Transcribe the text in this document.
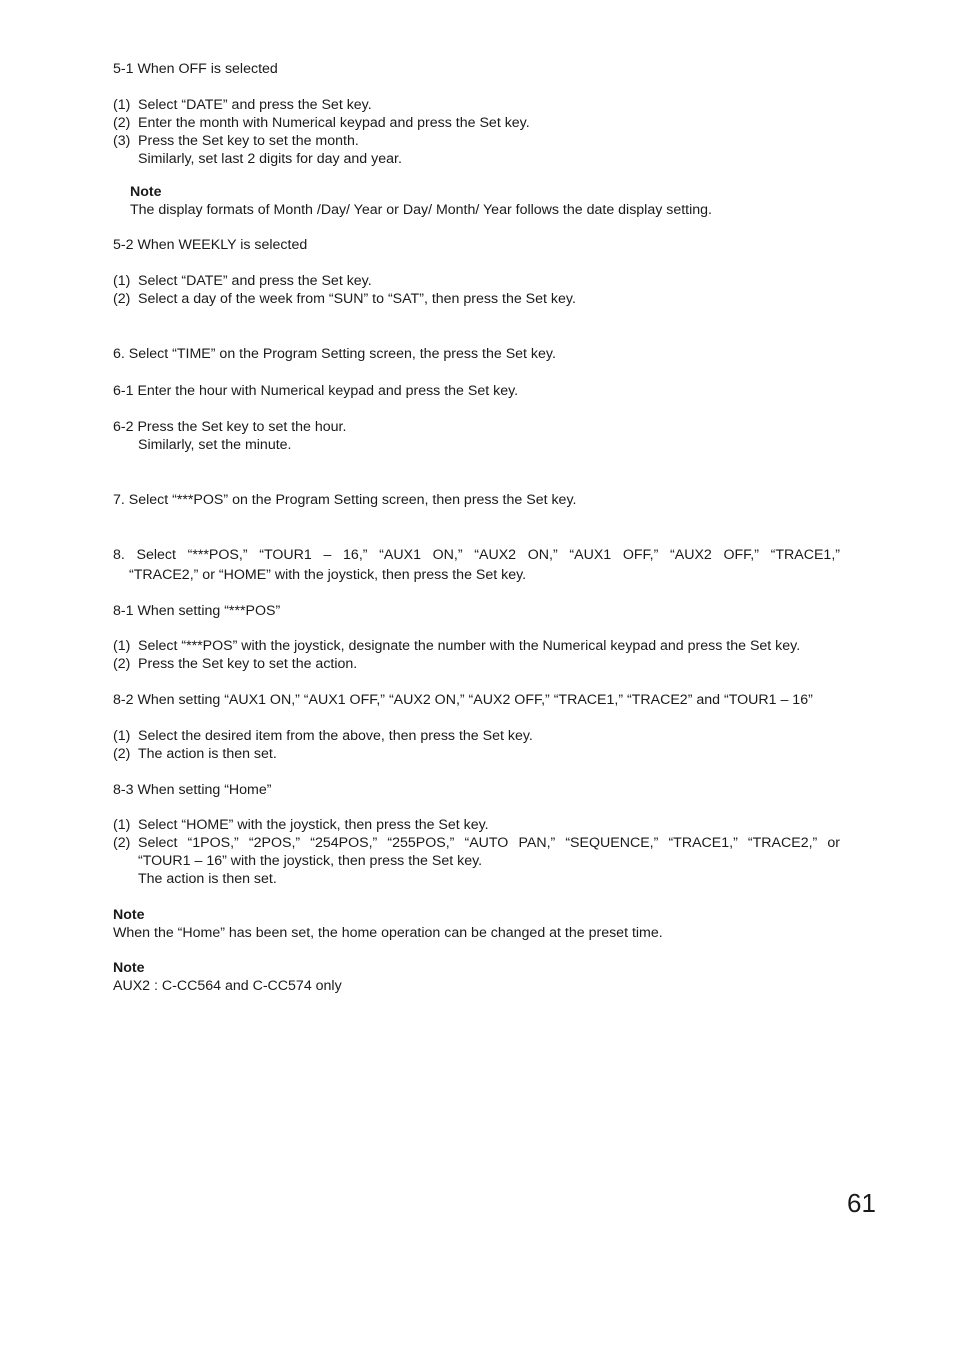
5-1 When OFF is selected
(1) Select “DATE” and press the Set key.
(2) Enter the month with Numerical keypad and press the Set key.
(3) Press the Set key to set the month.
Similarly, set last 2 digits for day and year.
Note
The display formats of Month /Day/ Year or Day/ Month/ Year follows the date display setting.
5-2 When WEEKLY is selected
(1) Select “DATE” and press the Set key.
(2) Select a day of the week from “SUN” to “SAT”, then press the Set key.
6. Select “TIME” on the Program Setting screen, the press the Set key.
6-1 Enter the hour with Numerical keypad and press the Set key.
6-2 Press the Set key to set the hour.
Similarly, set the minute.
7. Select “***POS” on the Program Setting screen, then press the Set key.
8. Select “***POS,” “TOUR1 – 16,” “AUX1 ON,” “AUX2 ON,” “AUX1 OFF,” “AUX2 OFF,” “TRACE1,”
“TRACE2,” or “HOME” with the joystick, then press the Set key.
8-1 When setting “***POS”
(1) Select “***POS” with the joystick, designate the number with the Numerical keypad and press the Set key.
(2) Press the Set key to set the action.
8-2 When setting “AUX1 ON,” “AUX1 OFF,” “AUX2 ON,” “AUX2 OFF,” “TRACE1,” “TRACE2” and “TOUR1 – 16”
(1) Select the desired item from the above, then press the Set key.
(2) The action is then set.
8-3 When setting “Home”
(1) Select “HOME” with the joystick, then press the Set key.
(2) Select “1POS,” “2POS,” “254POS,” “255POS,” “AUTO PAN,” “SEQUENCE,” “TRACE1,” “TRACE2,” or
“TOUR1 – 16” with the joystick, then press the Set key.
The action is then set.
Note
When the “Home” has been set, the home operation can be changed at the preset time.
Note
AUX2 : C-CC564 and C-CC574 only
61
